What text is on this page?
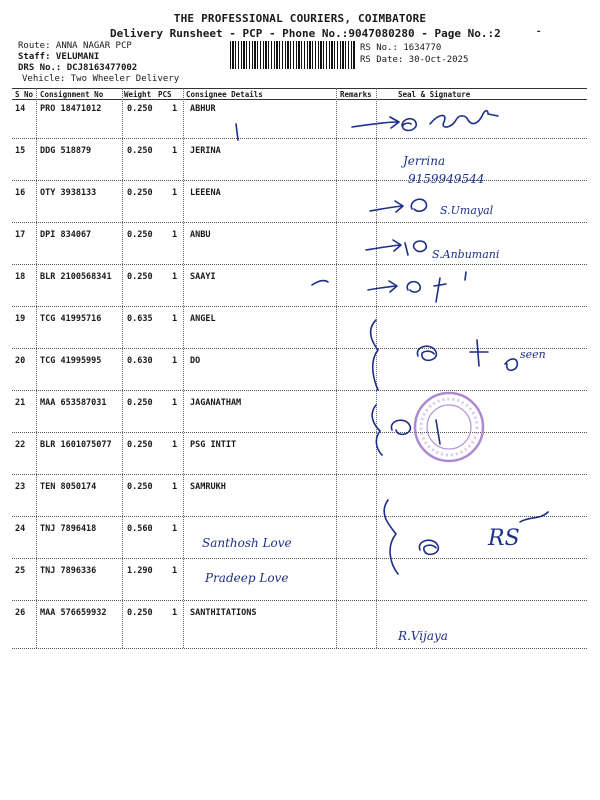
THE PROFESSIONAL COURIERS, COIMBATORE
Delivery Runsheet - PCP - Phone No.:9047080280 - Page No.:2
Route: ANNA NAGAR PCP
Staff: VELUMANI
DRS No.: DCJ8163477002
Vehicle: Two Wheeler Delivery
RS No.: 1634770
RS Date: 30-Oct-2025
-
S No Consignment No	Weight PCS Consignee Details	Remarks	Seal & Signature
14 PRO 18471012	0.250 1 ABHUR
15 DDG 518879	0.250 1 JERINA
16 OTY 3938133	0.250 1 LEEENA
17 DPI 834067	0.250 1 ANBU
18 BLR 2100568341 0.250 1 SAAYI
19 TCG 41995716	0.635 1 ANGEL
20 TCG 41995995	0.630 1 DO
21 MAA 653587031 0.250 1 JAGANATHAM
22 BLR 1601075077 0.250 1 PSG INTIT
23 TEN 8050174	0.250 1 SAMRUKH
24 TNJ 7896418	0.560 1
25 TNJ 7896336	1.290 1
26 MAA 576659932 0.250 1 SANTHITATIONS
Jerrina
9159949544
S.Umayal
S.Anbumani
seen
RS
Santhosh Love
Pradeep Love
R.Vijaya
